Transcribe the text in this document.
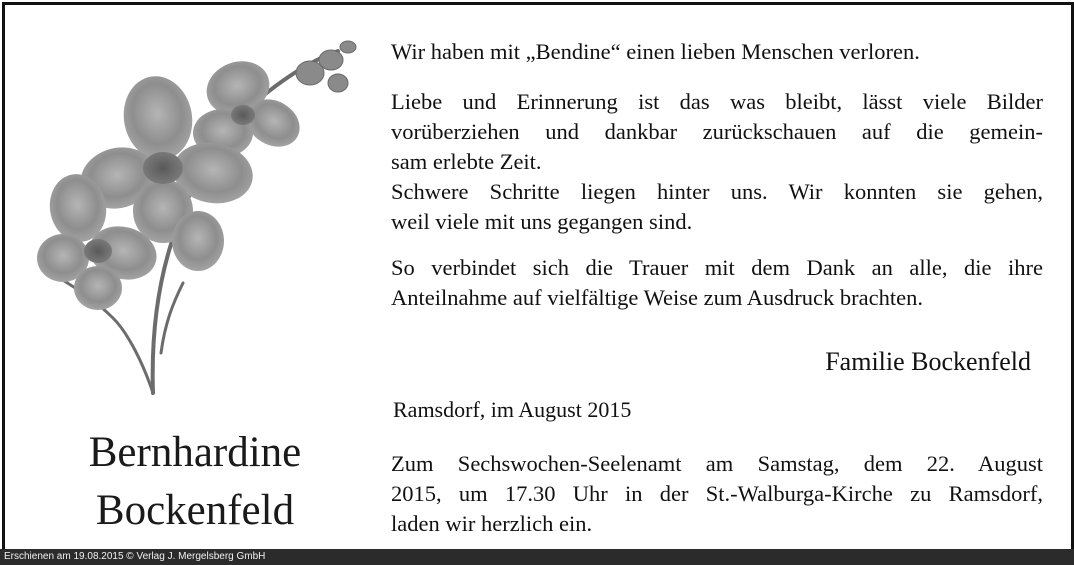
Bernhardine
Bockenfeld
Wir haben mit „Bendine“ einen lieben Menschen verloren.
Liebe und Erinnerung ist das was bleibt, lässt viele Bilder
vorüberziehen und dankbar zurückschauen auf die gemein-
sam erlebte Zeit.
Schwere Schritte liegen hinter uns. Wir konnten sie gehen,
weil viele mit uns gegangen sind.
So verbindet sich die Trauer mit dem Dank an alle, die ihre
Anteilnahme auf vielfältige Weise zum Ausdruck brachten.
Familie Bockenfeld
Ramsdorf, im August 2015
Zum Sechswochen-Seelenamt am Samstag, dem 22. August
2015, um 17.30 Uhr in der St.-Walburga-Kirche zu Ramsdorf,
laden wir herzlich ein.
Erschienen am 19.08.2015 © Verlag J. Mergelsberg GmbH
